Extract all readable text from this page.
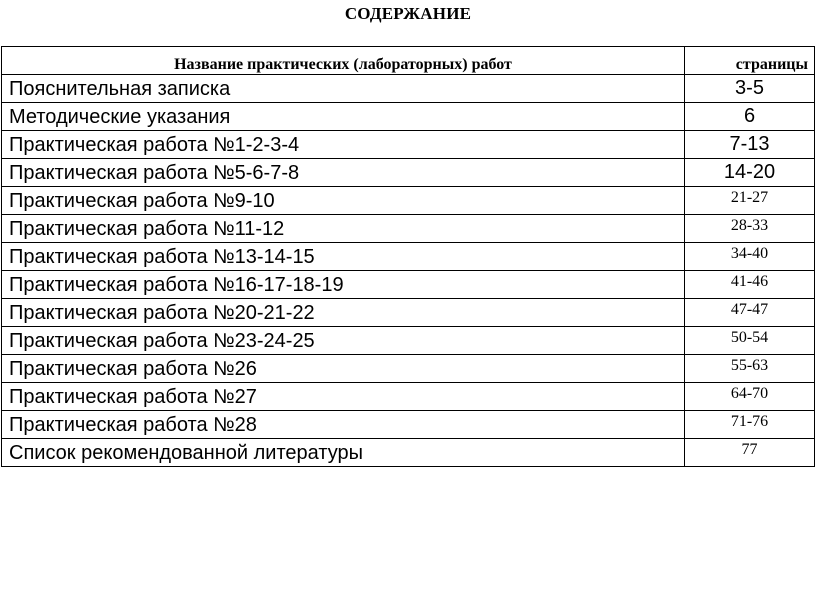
СОДЕРЖАНИЕ
Название практических (лабораторных) работ	страницы
Пояснительная записка	3-5
Методические указания	6
Практическая работа №1-2-3-4	7-13
Практическая работа №5-6-7-8	14-20
Практическая работа №9-10	21-27
Практическая работа №11-12	28-33
Практическая работа №13-14-15	34-40
Практическая работа №16-17-18-19	41-46
Практическая работа №20-21-22	47-47
Практическая работа №23-24-25	50-54
Практическая работа №26	55-63
Практическая работа №27	64-70
Практическая работа №28	71-76
Список рекомендованной литературы	77
